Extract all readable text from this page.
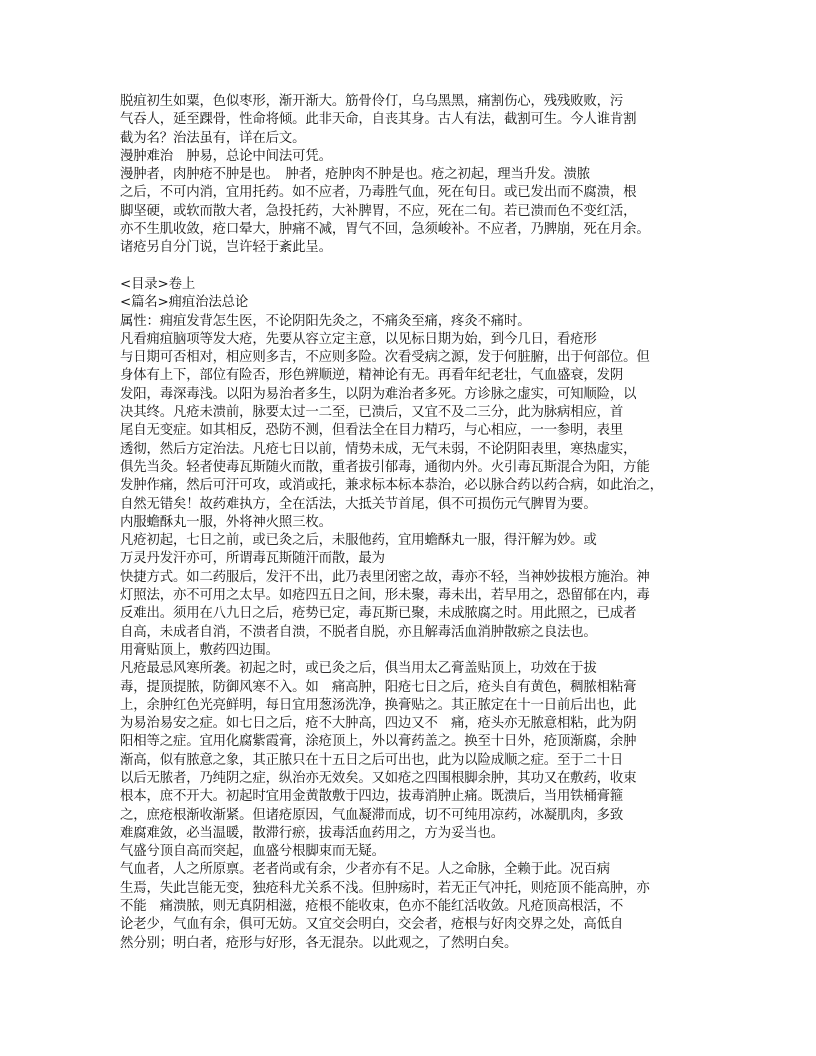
脱疽初生如粟，色似枣形，渐开渐大。筋骨伶仃，乌乌黑黑，痛割伤心，残残败败，污
气吞人，延至踝骨，性命将倾。此非天命，自丧其身。古人有法，截割可生。今人谁肯割
截为名？治法虽有，详在后文。
漫肿难治　肿易，总论中间法可凭。
漫肿者，肉肿疮不肿是也。　肿者，疮肿肉不肿是也。疮之初起，理当升发。溃脓
之后，不可内消，宜用托药。如不应者，乃毒胜气血，死在旬日。或已发出而不腐溃，根
脚坚硬，或软而散大者，急投托药，大补脾胃，不应，死在二旬。若已溃而色不变红活，
亦不生肌收敛，疮口晕大，肿痛不减，胃气不回，急须峻补。不应者，乃脾崩，死在月余。
诸疮另自分门说，岂许轻于紊此呈。
<目录>卷上
<篇名>痈疽治法总论
属性：痈疽发背怎生医，不论阴阳先灸之，不痛灸至痛，疼灸不痛时。
凡看痈疽脑项等发大疮，先要从容立定主意，以见标日期为始，到今几日，看疮形
与日期可否相对，相应则多吉，不应则多险。次看受病之源，发于何脏腑，出于何部位。但
身体有上下，部位有险否，形色辨顺逆，精神论有无。再看年纪老壮，气血盛衰，发阴
发阳，毒深毒浅。以阳为易治者多生，以阴为难治者多死。方诊脉之虚实，可知顺险，以
决其终。凡疮未溃前，脉要太过一二至，已溃后，又宜不及二三分，此为脉病相应，首
尾自无变症。如其相反，恐防不测，但看法全在目力精巧，与心相应，一一参明，表里
透彻，然后方定治法。凡疮七日以前，情势未成，无气未弱，不论阴阳表里，寒热虚实，
俱先当灸。轻者使毒瓦斯随火而散，重者拔引郁毒，通彻内外。火引毒瓦斯混合为阳，方能
发肿作痛，然后可汗可攻，或消或托，兼求标本标本恭治，必以脉合药以药合病，如此治之，
自然无错矣！故药难执方，全在活法，大抵关节首尾，俱不可损伤元气脾胃为要。
内服蟾酥丸一服，外将神火照三枚。
凡疮初起，七日之前，或已灸之后，未服他药，宜用蟾酥丸一服，得汗解为妙。或
万灵丹发汗亦可，所谓毒瓦斯随汗而散，最为
快捷方式。如二药服后，发汗不出，此乃表里闭密之故，毒亦不轻，当神妙拔根方施治。神
灯照法，亦不可用之太早。如疮四五日之间，形未聚，毒未出，若早用之，恐留郁在内，毒
反难出。须用在八九日之后，疮势已定，毒瓦斯已聚，未成脓腐之时。用此照之，已成者
自高，未成者自消，不溃者自溃，不脱者自脱，亦且解毒活血消肿散瘀之良法也。
用膏贴顶上，敷药四边围。
凡疮最忌风寒所袭。初起之时，或已灸之后，俱当用太乙膏盖贴顶上，功效在于拔
毒，提顶提脓，防御风寒不入。如　痛高肿，阳疮七日之后，疮头自有黄色，稠脓相粘膏
上，余肿红色光亮鲜明，每日宜用葱汤洗净，换膏贴之。其正脓定在十一日前后出也，此
为易治易安之症。如七日之后，疮不大肿高，四边又不　痛，疮头亦无脓意相粘，此为阴
阳相等之症。宜用化腐紫霞膏，涂疮顶上，外以膏药盖之。换至十日外，疮顶渐腐，余肿
渐高，似有脓意之象，其正脓只在十五日之后可出也，此为以险成顺之症。至于二十日
以后无脓者，乃纯阴之症，纵治亦无效矣。又如疮之四围根脚余肿，其功又在敷药，收束
根本，庶不开大。初起时宜用金黄散敷于四边，拔毒消肿止痛。既溃后，当用铁桶膏箍
之，庶疮根渐收渐紧。但诸疮原因，气血凝滞而成，切不可纯用凉药，冰凝肌肉，多致
难腐难敛，必当温暖，散滞行瘀，拔毒活血药用之，方为妥当也。
气盛兮顶自高而突起，血盛兮根脚束而无疑。
气血者，人之所原禀。老者尚或有余，少者亦有不足。人之命脉，全赖于此。况百病
生焉，失此岂能无变，独疮科尤关系不浅。但肿疡时，若无正气冲托，则疮顶不能高肿，亦
不能　痛溃脓，则无真阴相滋，疮根不能收束，色亦不能红活收敛。凡疮顶高根活，不
论老少，气血有余，俱可无妨。又宜交会明白，交会者，疮根与好肉交界之处，高低自
然分别；明白者，疮形与好形，各无混杂。以此观之，了然明白矣。
